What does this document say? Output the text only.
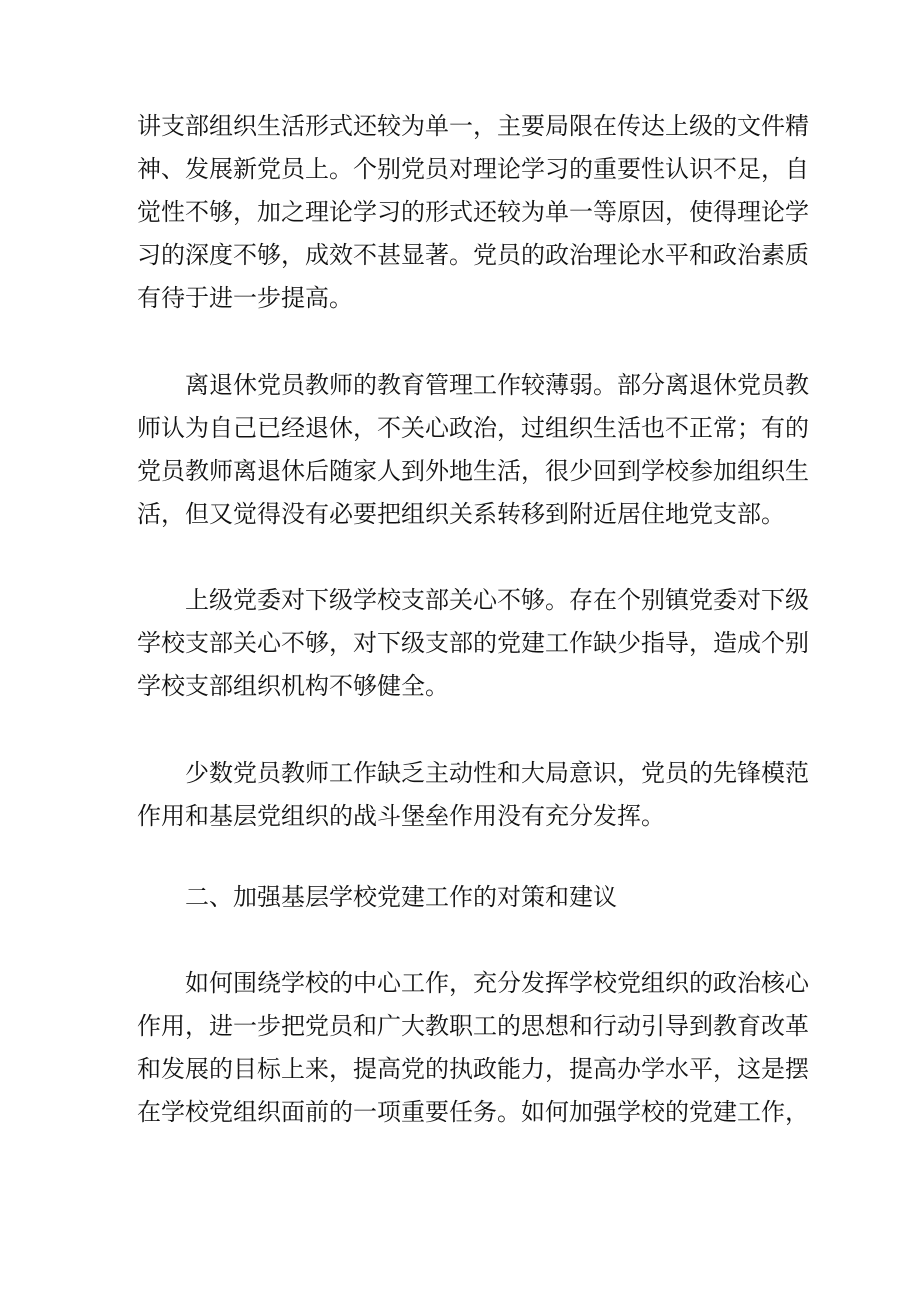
讲支部组织生活形式还较为单一，主要局限在传达上级的文件精
神、发展新党员上。个别党员对理论学习的重要性认识不足，自
觉性不够，加之理论学习的形式还较为单一等原因，使得理论学
习的深度不够，成效不甚显著。党员的政治理论水平和政治素质
有待于进一步提高。
离退休党员教师的教育管理工作较薄弱。部分离退休党员教
师认为自己已经退休，不关心政治，过组织生活也不正常；有的
党员教师离退休后随家人到外地生活，很少回到学校参加组织生
活，但又觉得没有必要把组织关系转移到附近居住地党支部。
上级党委对下级学校支部关心不够。存在个别镇党委对下级
学校支部关心不够，对下级支部的党建工作缺少指导，造成个别
学校支部组织机构不够健全。
少数党员教师工作缺乏主动性和大局意识，党员的先锋模范
作用和基层党组织的战斗堡垒作用没有充分发挥。
二、加强基层学校党建工作的对策和建议
如何围绕学校的中心工作，充分发挥学校党组织的政治核心
作用，进一步把党员和广大教职工的思想和行动引导到教育改革
和发展的目标上来，提高党的执政能力，提高办学水平，这是摆
在学校党组织面前的一项重要任务。如何加强学校的党建工作，
